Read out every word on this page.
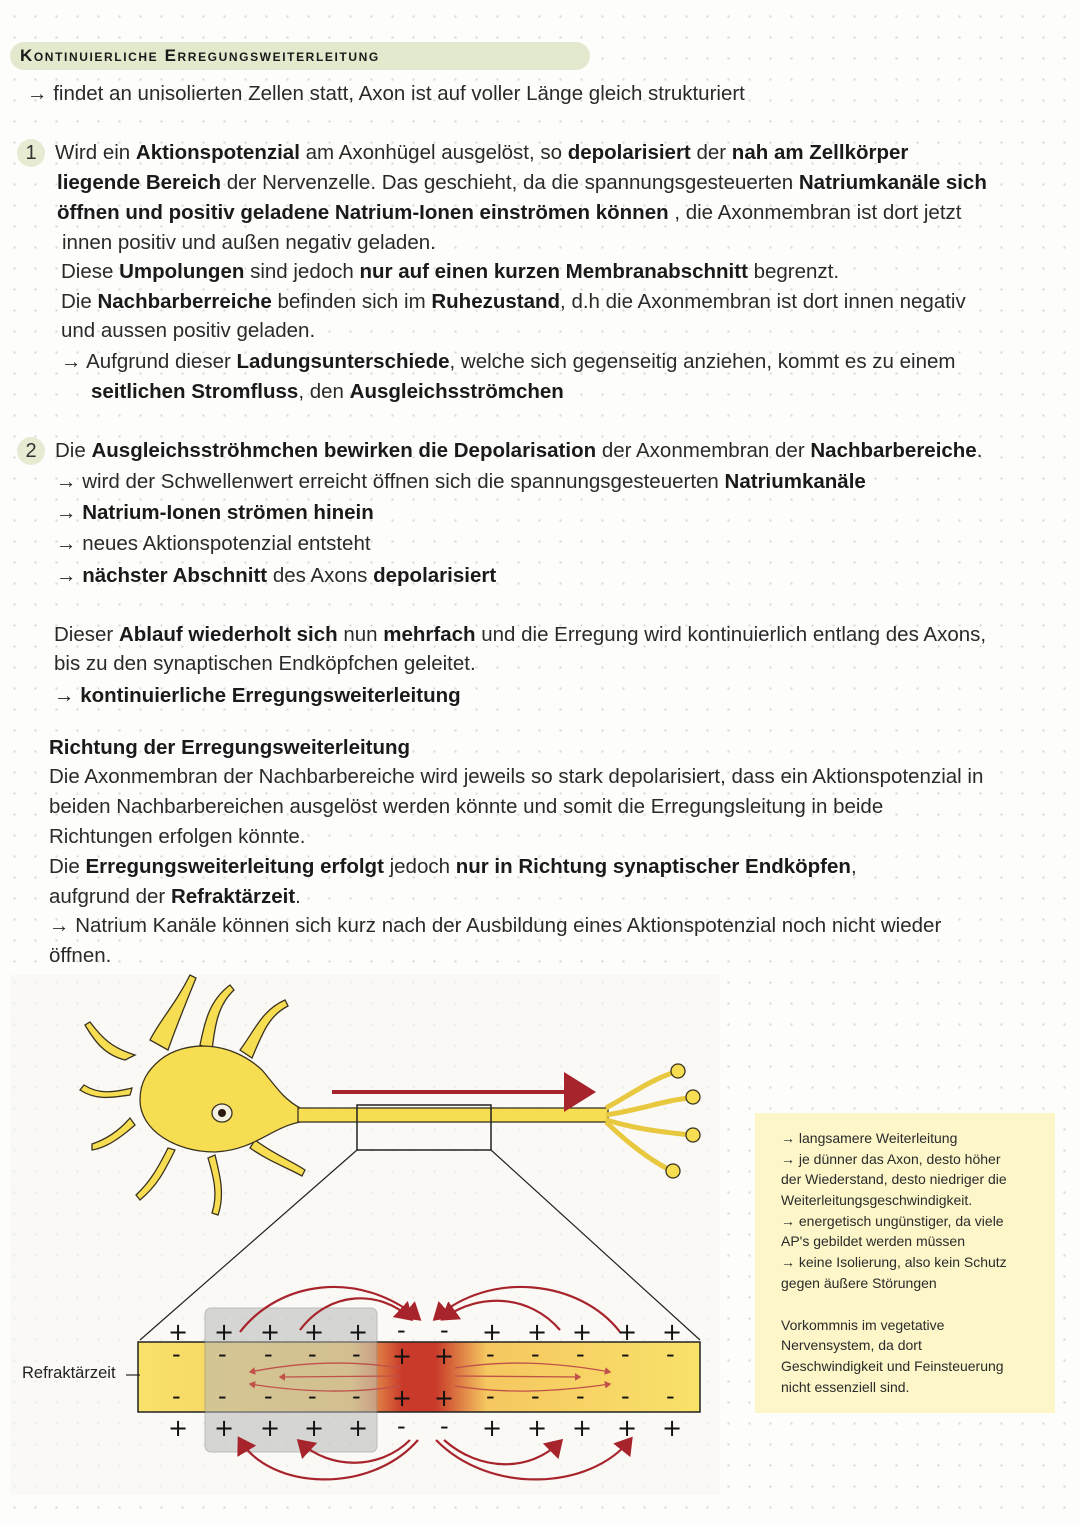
Kontinuierliche Erregungsweiterleitung
→ findet an unisolierten Zellen statt, Axon ist auf voller Länge gleich strukturiert
1 Wird ein Aktionspotenzial am Axonhügel ausgelöst, so depolarisiert der nah am Zellkörper
liegende Bereich der Nervenzelle. Das geschieht, da die spannungsgesteuerten Natriumkanäle sich
öffnen und positiv geladene Natrium-Ionen einströmen können , die Axonmembran ist dort jetzt
innen positiv und außen negativ geladen.
Diese Umpolungen sind jedoch nur auf einen kurzen Membranabschnitt begrenzt.
Die Nachbarberreiche befinden sich im Ruhezustand, d.h die Axonmembran ist dort innen negativ
und aussen positiv geladen.
→ Aufgrund dieser Ladungsunterschiede, welche sich gegenseitig anziehen, kommt es zu einem
seitlichen Stromfluss, den Ausgleichsströmchen
2 Die Ausgleichsströhmchen bewirken die Depolarisation der Axonmembran der Nachbarbereiche.
→ wird der Schwellenwert erreicht öffnen sich die spannungsgesteuerten Natriumkanäle
→ Natrium-Ionen strömen hinein
→ neues Aktionspotenzial entsteht
→ nächster Abschnitt des Axons depolarisiert
Dieser Ablauf wiederholt sich nun mehrfach und die Erregung wird kontinuierlich entlang des Axons,
bis zu den synaptischen Endköpfchen geleitet.
→ kontinuierliche Erregungsweiterleitung
Richtung der Erregungsweiterleitung
Die Axonmembran der Nachbarbereiche wird jeweils so stark depolarisiert, dass ein Aktionspotenzial in
beiden Nachbarbereichen ausgelöst werden könnte und somit die Erregungsleitung in beide
Richtungen erfolgen könnte.
Die Erregungsweiterleitung erfolgt jedoch nur in Richtung synaptischer Endköpfen,
aufgrund der Refraktärzeit.
→ Natrium Kanäle können sich kurz nach der Ausbildung eines Aktionspotenzial noch nicht wieder
öffnen.
+ + + + + - - + + + + +
- - - - - + + - - - - -
- - - - - + + - - - - -
+ + + + + - - + + + + +
Refraktärzeit
→ langsamere Weiterleitung
→ je dünner das Axon, desto höher
der Wiederstand, desto niedriger die
Weiterleitungsgeschwindigkeit.
→ energetisch ungünstiger, da viele
AP's gebildet werden müssen
→ keine Isolierung, also kein Schutz
gegen äußere Störungen
Vorkommnis im vegetative
Nervensystem, da dort
Geschwindigkeit und Feinsteuerung
nicht essenziell sind.
